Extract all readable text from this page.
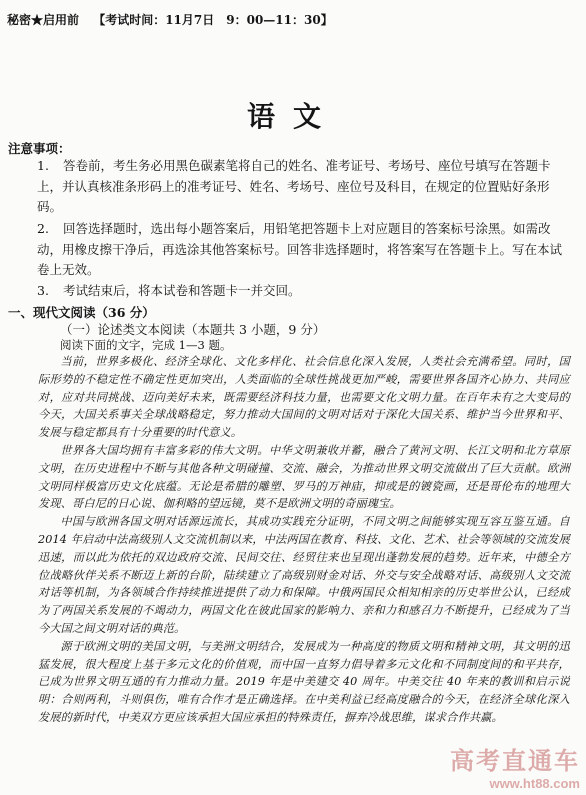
秘密★启用前 【考试时间：11月7日　9：00—11：30】
语文
注意事项：
1. 答卷前，考生务必用黑色碳素笔将自己的姓名、准考证号、考场号、座位号填写在答题卡上，并认真核准条形码上的准考证号、姓名、考场号、座位号及科目，在规定的位置贴好条形码。
2. 回答选择题时，选出每小题答案后，用铅笔把答题卡上对应题目的答案标号涂黑。如需改动，用橡皮擦干净后，再选涂其他答案标号。回答非选择题时，将答案写在答题卡上。写在本试卷上无效。
3. 考试结束后，将本试卷和答题卡一并交回。
一、现代文阅读（36 分）
（一）论述类文本阅读（本题共 3 小题，9 分）
阅读下面的文字，完成 1—3 题。

当前，世界多极化、经济全球化、文化多样化、社会信息化深入发展，人类社会充满希望。同时，国际形势的不稳定性不确定性更加突出，人类面临的全球性挑战更加严峻，需要世界各国齐心协力、共同应对，应对共同挑战、迈向美好未来，既需要经济科技力量，也需要文化文明力量。在百年未有之大变局的今天，大国关系事关全球战略稳定，努力推动大国间的文明对话对于深化大国关系、维护当今世界和平、发展与稳定都具有十分重要的时代意义。

世界各大国均拥有丰富多彩的伟大文明。中华文明兼收并蓄，融合了黄河文明、长江文明和北方草原文明，在历史进程中不断与其他各种文明碰撞、交流、融会，为推动世界文明交流做出了巨大贡献。欧洲文明同样极富历史文化底蕴。无论是希腊的雕塑、罗马的万神庙，抑或是的镀瓷画，还是哥伦布的地理大发现、哥白尼的日心说、伽利略的望远镜，莫不是欧洲文明的奇丽瑰宝。

中国与欧洲各国文明对话源远流长，其成功实践充分证明，不同文明之间能够实现互容互鉴互通。自 2014 年启动中法高级别人文交流机制以来，中法两国在教育、科技、文化、艺术、社会等领域的交流发展迅速，而以此为依托的双边政府交流、民间交往、经贸往来也呈现出蓬勃发展的趋势。近年来，中德全方位战略伙伴关系不断迈上新的台阶，陆续建立了高级别财金对话、外交与安全战略对话、高级别人文交流对话等机制，为各领域合作持续推进提供了动力和保障。中俄两国民众相知相亲的历史举世公认，已经成为了两国关系发展的不竭动力，两国文化在彼此国家的影响力、亲和力和感召力不断提升，已经成为了当今大国之间文明对话的典范。

源于欧洲文明的美国文明，与美洲文明结合，发展成为一种高度的物质文明和精神文明，其文明的迅猛发展，很大程度上基于多元文化的价值观，而中国一直努力倡导着多元文化和不同制度间的和平共存，已成为世界文明互通的有力推动力量。2019 年是中美建交 40 周年。中美交往 40 年来的教训和启示说明：合则两利，斗则俱伤，唯有合作才是正确选择。在中美利益已经高度融合的今天，在经济全球化深入发展的新时代，中美双方更应该承担大国应承担的特殊责任，摒弃冷战思维，谋求合作共赢。

高考直通车
www.ht88.com
